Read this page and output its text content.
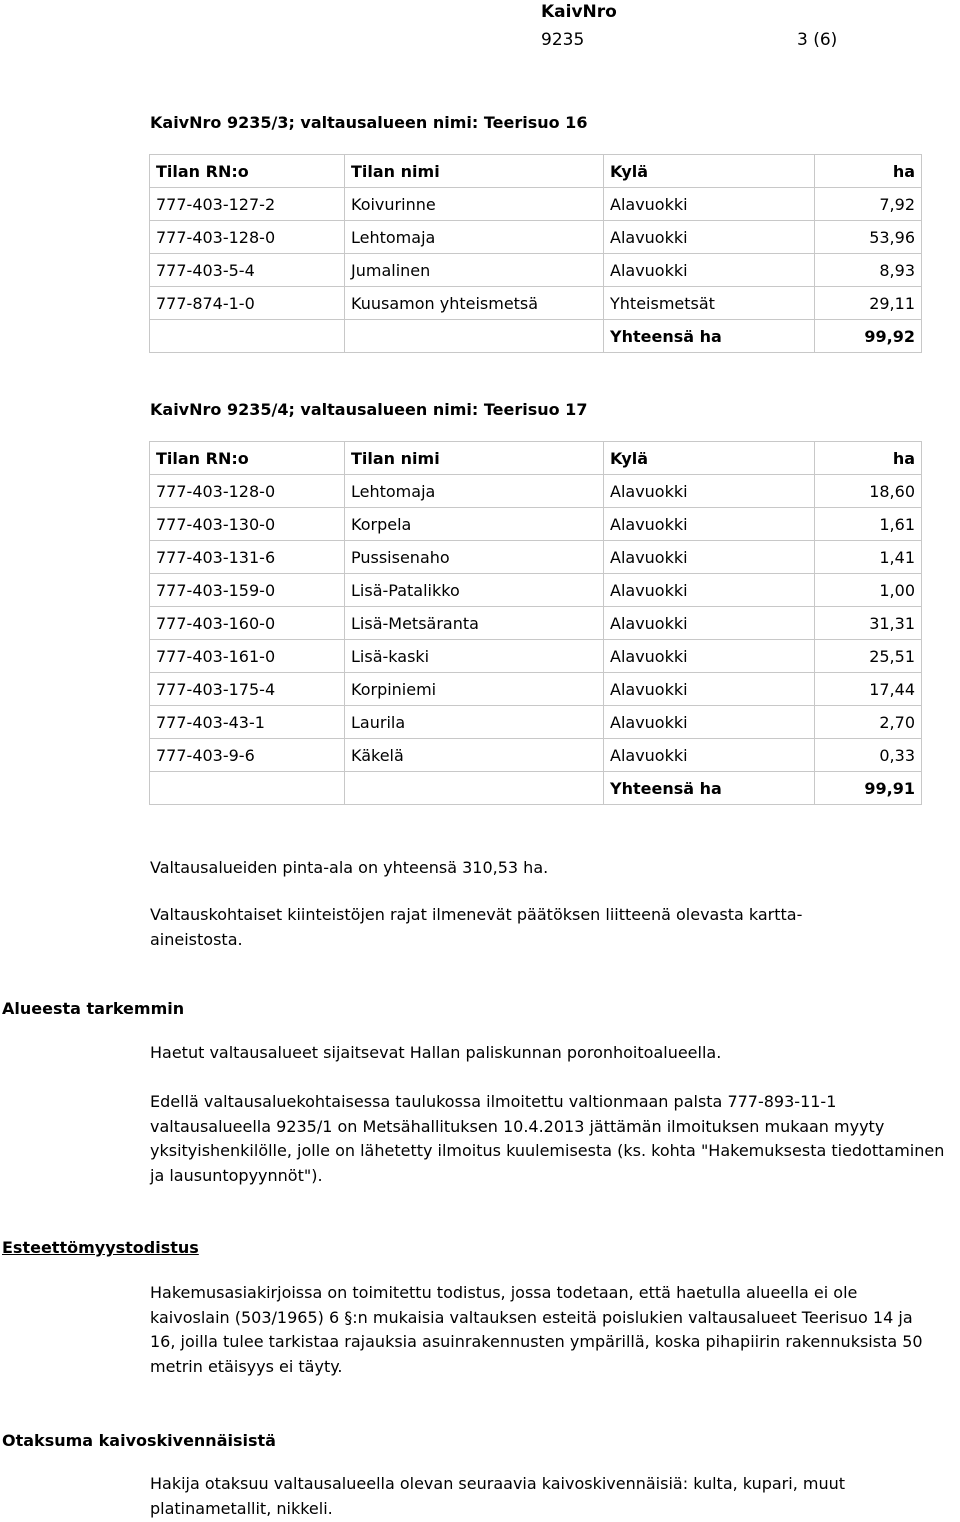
KaivNro
9235	3 (6)
KaivNro 9235/3; valtausalueen nimi: Teerisuo 16
Tilan RN:o	Tilan nimi	Kylä	ha
777-403-127-2	Koivurinne	Alavuokki	7,92
777-403-128-0	Lehtomaja	Alavuokki	53,96
777-403-5-4	Jumalinen	Alavuokki	8,93
777-874-1-0	Kuusamon yhteismetsä	Yhteismetsät	29,11
		Yhteensä ha	99,92
KaivNro 9235/4; valtausalueen nimi: Teerisuo 17
Tilan RN:o	Tilan nimi	Kylä	ha
777-403-128-0	Lehtomaja	Alavuokki	18,60
777-403-130-0	Korpela	Alavuokki	1,61
777-403-131-6	Pussisenaho	Alavuokki	1,41
777-403-159-0	Lisä-Patalikko	Alavuokki	1,00
777-403-160-0	Lisä-Metsäranta	Alavuokki	31,31
777-403-161-0	Lisä-kaski	Alavuokki	25,51
777-403-175-4	Korpiniemi	Alavuokki	17,44
777-403-43-1	Laurila	Alavuokki	2,70
777-403-9-6	Käkelä	Alavuokki	0,33
		Yhteensä ha	99,91
Valtausalueiden pinta-ala on yhteensä 310,53 ha.
Valtauskohtaiset kiinteistöjen rajat ilmenevät päätöksen liitteenä olevasta kartta-aineistosta.
Alueesta tarkemmin
Haetut valtausalueet sijaitsevat Hallan paliskunnan poronhoitoalueella.
Edellä valtausaluekohtaisessa taulukossa ilmoitettu valtionmaan palsta 777-893-11-1 valtausalueella 9235/1 on Metsähallituksen 10.4.2013 jättämän ilmoituksen mukaan myyty yksityishenkilölle, jolle on lähetetty ilmoitus kuulemisesta (ks. kohta "Hakemuksesta tiedottaminen ja lausuntopyynnöt").
Esteettömyystodistus
Hakemusasiakirjoissa on toimitettu todistus, jossa todetaan, että haetulla alueella ei ole kaivoslain (503/1965) 6 §:n mukaisia valtauksen esteitä poislukien valtausalueet Teerisuo 14 ja 16, joilla tulee tarkistaa rajauksia asuinrakennusten ympärillä, koska pihapiirin rakennuksista 50 metrin etäisyys ei täyty.
Otaksuma kaivoskivennäisistä
Hakija otaksuu valtausalueella olevan seuraavia kaivoskivennäisiä: kulta, kupari, muut platinametallit, nikkeli.
